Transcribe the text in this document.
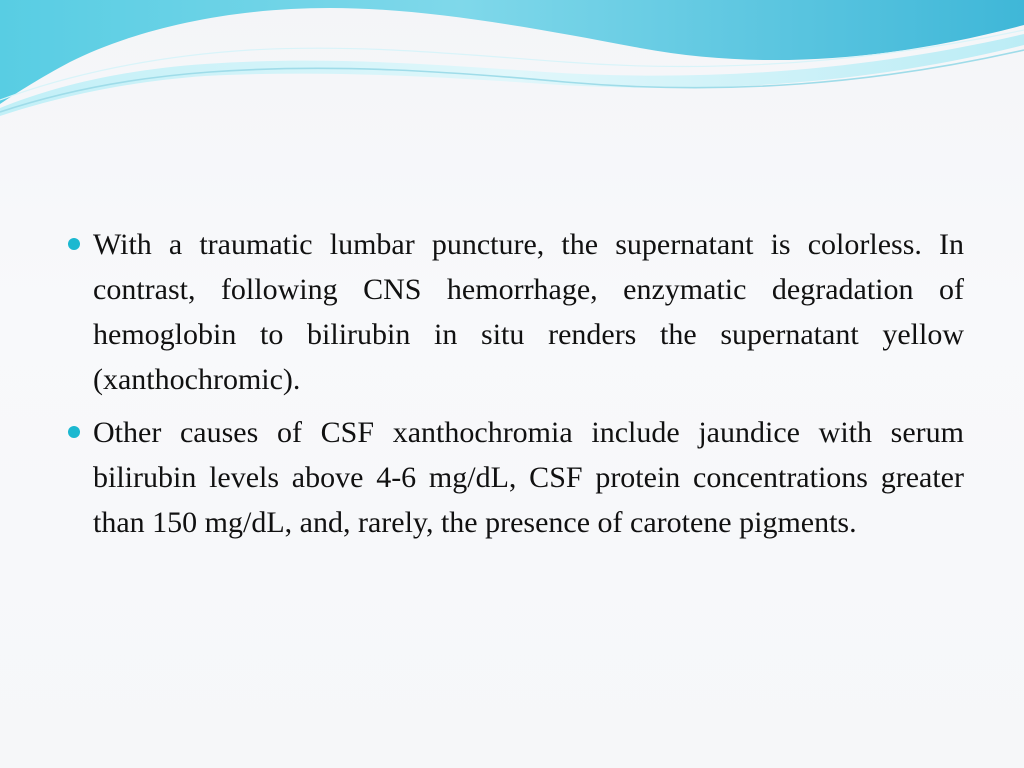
With a traumatic lumbar puncture, the supernatant is colorless. In contrast, following CNS hemorrhage, enzymatic degradation of hemoglobin to bilirubin in situ renders the supernatant yellow (xanthochromic).
Other causes of CSF xanthochromia include jaundice with serum bilirubin levels above 4-6 mg/dL, CSF protein concentrations greater than 150 mg/dL, and, rarely, the presence of carotene pigments.
